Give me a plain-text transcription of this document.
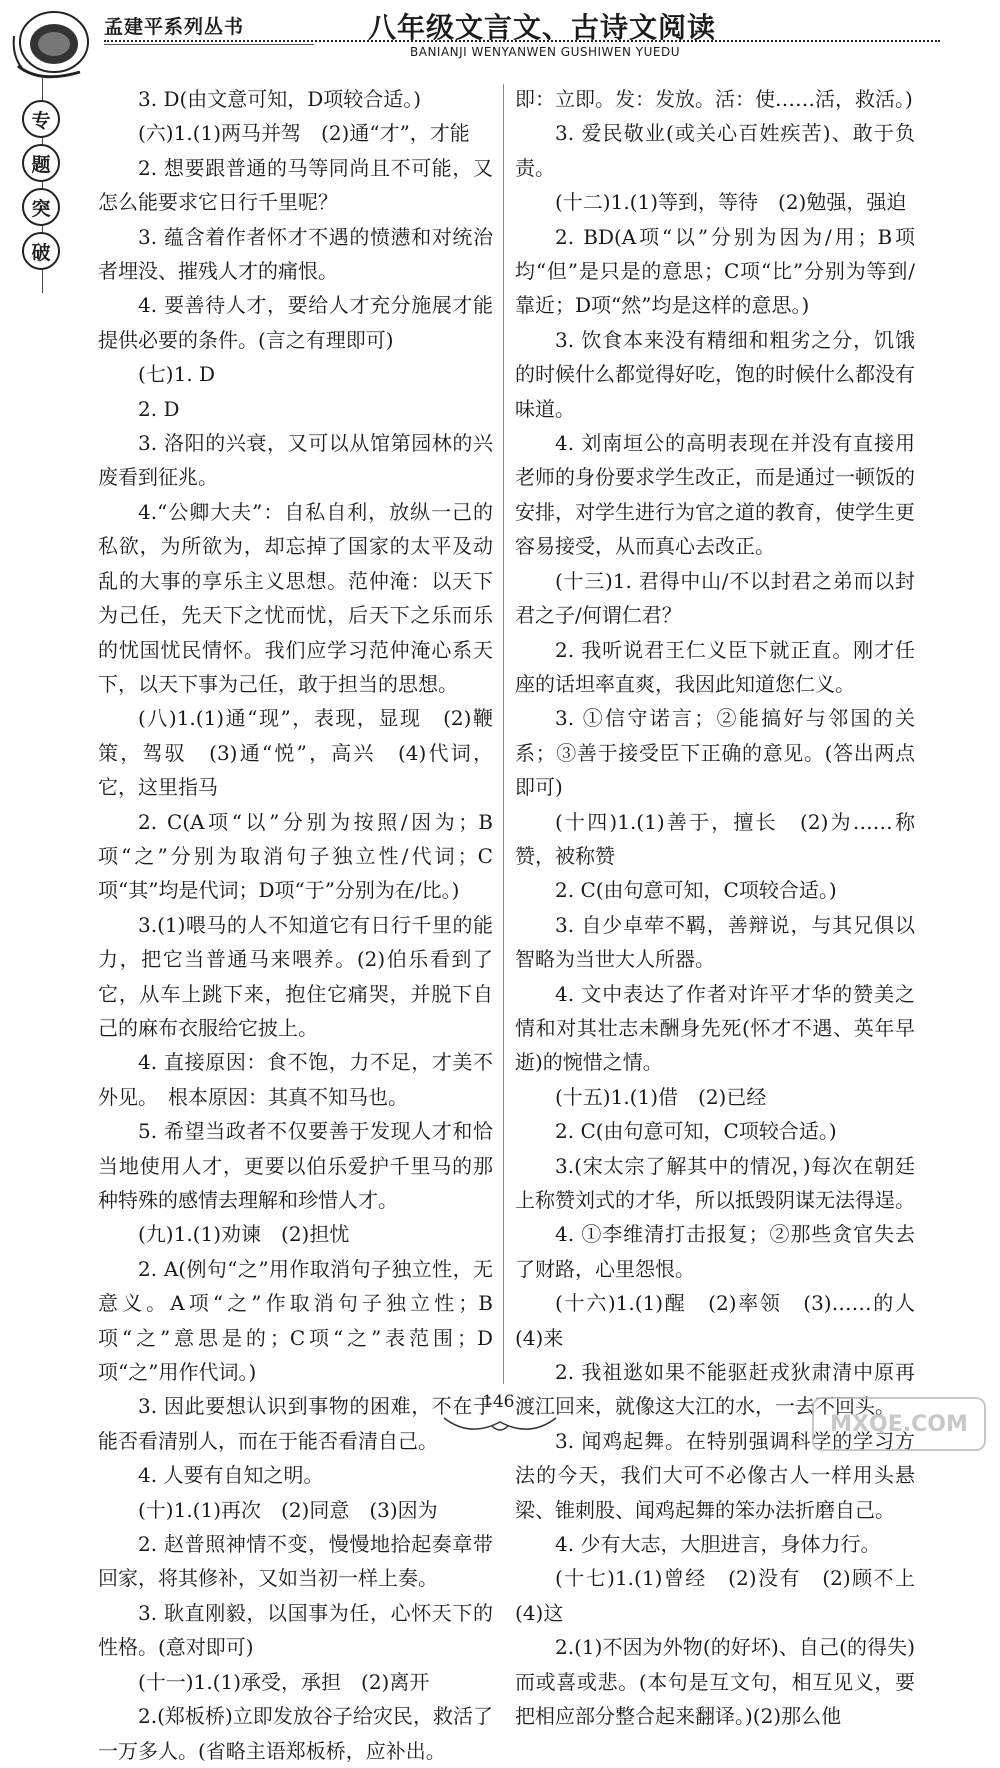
孟建平系列丛书	八年级文言文、古诗文阅读
BANIANJI WENYANWEN GUSHIWEN YUEDU
专
题
突
破

3. D(由文意可知，D项较合适。)

(六)1.(1)两马并驾　(2)通“才”，才能

2. 想要跟普通的马等同尚且不可能，又怎么能要求它日行千里呢？

3. 蕴含着作者怀才不遇的愤懑和对统治者埋没、摧残人才的痛恨。

4. 要善待人才，要给人才充分施展才能提供必要的条件。(言之有理即可)

(七)1. D

2. D

3. 洛阳的兴衰，又可以从馆第园林的兴废看到征兆。

4.“公卿大夫”：自私自利，放纵一己的私欲，为所欲为，却忘掉了国家的太平及动乱的大事的享乐主义思想。范仲淹：以天下为己任，先天下之忧而忧，后天下之乐而乐的忧国忧民情怀。我们应学习范仲淹心系天下，以天下事为己任，敢于担当的思想。

(八)1.(1)通“现”，表现，显现　(2)鞭策，驾驭　(3)通“悦”，高兴　(4)代词，它，这里指马

2. C(A项“以”分别为按照/因为；B项“之”分别为取消句子独立性/代词；C项“其”均是代词；D项“于”分别为在/比。)

3.(1)喂马的人不知道它有日行千里的能力，把它当普通马来喂养。(2)伯乐看到了它，从车上跳下来，抱住它痛哭，并脱下自己的麻布衣服给它披上。

4. 直接原因：食不饱，力不足，才美不外见。　根本原因：其真不知马也。

5. 希望当政者不仅要善于发现人才和恰当地使用人才，更要以伯乐爱护千里马的那种特殊的感情去理解和珍惜人才。

(九)1.(1)劝谏　(2)担忧

2. A(例句“之”用作取消句子独立性，无意义。A项“之”作取消句子独立性；B项“之”意思是的；C项“之”表范围；D项“之”用作代词。)

3. 因此要想认识到事物的困难，不在于能否看清别人，而在于能否看清自己。

4. 人要有自知之明。

(十)1.(1)再次　(2)同意　(3)因为

2. 赵普照神情不变，慢慢地拾起奏章带回家，将其修补，又如当初一样上奏。

3. 耿直刚毅，以国事为任，心怀天下的性格。(意对即可)

(十一)1.(1)承受，承担　(2)离开

2.(郑板桥)立即发放谷子给灾民，救活了一万多人。(省略主语郑板桥，应补出。

即：立即。发：发放。活：使……活，救活。)

3. 爱民敬业(或关心百姓疾苦)、敢于负责。

(十二)1.(1)等到，等待　(2)勉强，强迫

2. BD(A项“以”分别为因为/用；B项均“但”是只是的意思；C项“比”分别为等到/靠近；D项“然”均是这样的意思。)

3. 饮食本来没有精细和粗劣之分，饥饿的时候什么都觉得好吃，饱的时候什么都没有味道。

4. 刘南垣公的高明表现在并没有直接用老师的身份要求学生改正，而是通过一顿饭的安排，对学生进行为官之道的教育，使学生更容易接受，从而真心去改正。

(十三)1. 君得中山/不以封君之弟而以封君之子/何谓仁君？

2. 我听说君王仁义臣下就正直。刚才任座的话坦率直爽，我因此知道您仁义。

3. ①信守诺言；②能搞好与邻国的关系；③善于接受臣下正确的意见。(答出两点即可)

(十四)1.(1)善于，擅长　(2)为……称赞，被称赞

2. C(由句意可知，C项较合适。)

3. 自少卓荦不羁，善辩说，与其兄俱以智略为当世大人所器。

4. 文中表达了作者对许平才华的赞美之情和对其壮志未酬身先死(怀才不遇、英年早逝)的惋惜之情。

(十五)1.(1)借　(2)已经

2. C(由句意可知，C项较合适。)

3.(宋太宗了解其中的情况，)每次在朝廷上称赞刘式的才华，所以抵毁阴谋无法得逞。

4. ①李维清打击报复；②那些贪官失去了财路，心里怨恨。

(十六)1.(1)醒　(2)率领　(3)……的人　(4)来

2. 我祖逖如果不能驱赶戎狄肃清中原再渡江回来，就像这大江的水，一去不回头。

3. 闻鸡起舞。在特别强调科学的学习方法的今天，我们大可不必像古人一样用头悬梁、锥刺股、闻鸡起舞的笨办法折磨自己。

4. 少有大志，大胆进言，身体力行。

(十七)1.(1)曾经　(2)没有　(2)顾不上　(4)这

2.(1)不因为外物(的好坏)、自己(的得失)而或喜或悲。(本句是互文句，相互见义，要把相应部分整合起来翻译。)(2)那么他

146
MXQE.COM
